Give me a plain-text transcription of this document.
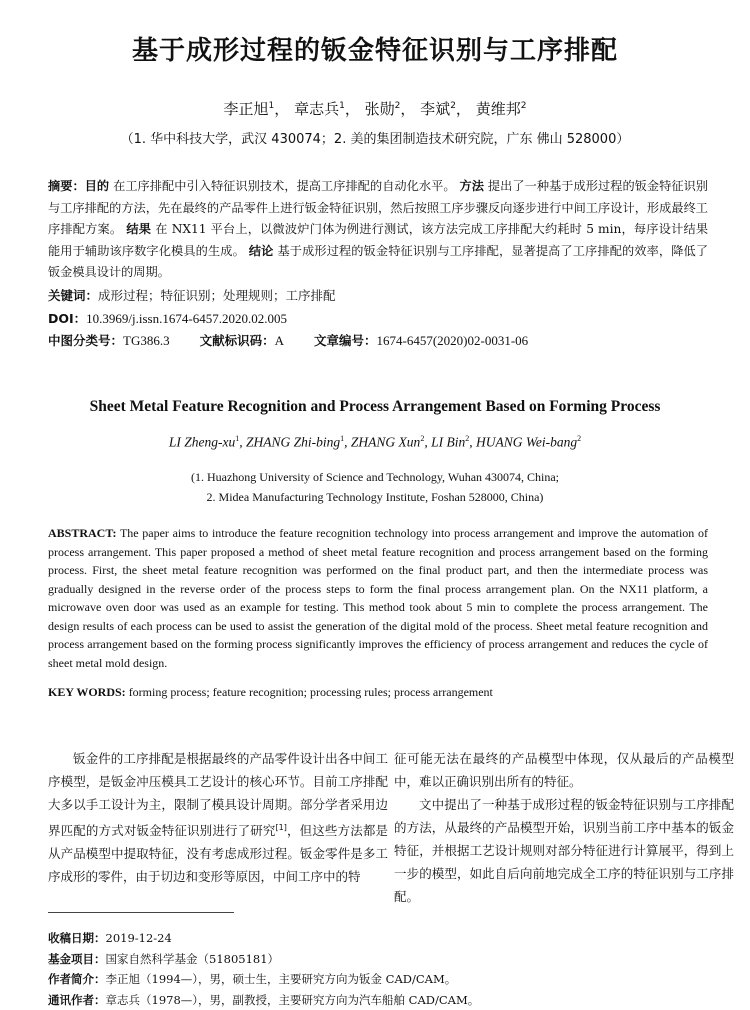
基于成形过程的钣金特征识别与工序排配
李正旭$^1$， 章志兵$^1$， 张勋$^2$， 李斌$^2$， 黄维邦$^2$
（1. 华中科技大学，武汉 430074；2. 美的集团制造技术研究院，广东 佛山 528000）
摘要：目的 在工序排配中引入特征识别技术，提高工序排配的自动化水平。 方法 提出了一种基于成形过程的钣金特征识别与工序排配的方法，先在最终的产品零件上进行钣金特征识别，然后按照工序步骤反向逐步进行中间工序设计，形成最终工序排配方案。 结果 在 NX11 平台上，以微波炉门体为例进行测试，该方法完成工序排配大约耗时 5 min，每序设计结果能用于辅助该序数字化模具的生成。 结论 基于成形过程的钣金特征识别与工序排配，显著提高了工序排配的效率，降低了钣金模具设计的周期。
关键词：成形过程；特征识别；处理规则；工序排配
DOI：10.3969/j.issn.1674-6457.2020.02.005
中图分类号：TG386.3 文献标识码：A 文章编号：1674-6457(2020)02-0031-06
Sheet Metal Feature Recognition and Process Arrangement Based on Forming Process
LI Zheng-$xu^1$, ZHANG Zhi-bing$^1$, ZHANG Xun$^2$, LI Bin$^2$, HUANG Wei-bang$^2$
(1. Huazhong University of Science and Technology, Wuhan 430074, China;
2. Midea Manufacturing Technology Institute, Foshan 528000, China)
ABSTRACT: The paper aims to introduce the feature recognition technology into process arrangement and improve the automation of process arrangement. This paper proposed a method of sheet metal feature recognition and process arrangement based on the forming process. First, the sheet metal feature recognition was performed on the final product part, and then the intermediate process was gradually designed in the reverse order of the process steps to form the final process arrangement plan. On the NX11 platform, a microwave oven door was used as an example for testing. This method took about 5 min to complete the process arrangement. The design results of each process can be used to assist the generation of the digital mold of the process. Sheet metal feature recognition and process arrangement based on the forming process significantly improves the efficiency of process arrangement and reduces the cycle of sheet metal mold design.
KEY WORDS: forming process; feature recognition; processing rules; process arrangement

钣金件的工序排配是根据最终的产品零件设计出各中间工序模型，是钣金冲压模具工艺设计的核心环节。目前工序排配大多以手工设计为主，限制了模具设计周期。部分学者采用边界匹配的方式对钣金特征识别进行了研究[1]，但这些方法都是从产品模型中提取特征，没有考虑成形过程。钣金零件是多工序成形的零件，由于切边和变形等原因，中间工序中的特

征可能无法在最终的产品模型中体现，仅从最后的产品模型中，难以正确识别出所有的特征。

文中提出了一种基于成形过程的钣金特征识别与工序排配的方法，从最终的产品模型开始，识别当前工序中基本的钣金特征，并根据工艺设计规则对部分特征进行计算展平，得到上一步的模型，如此自后向前地完成全工序的特征识别与工序排配。

收稿日期：2019-12-24
基金项目：国家自然科学基金（51805181）
作者简介：李正旭（1994—），男，硕士生，主要研究方向为钣金 CAD/CAM。
通讯作者：章志兵（1978—），男，副教授，主要研究方向为汽车船舶 CAD/CAM。
